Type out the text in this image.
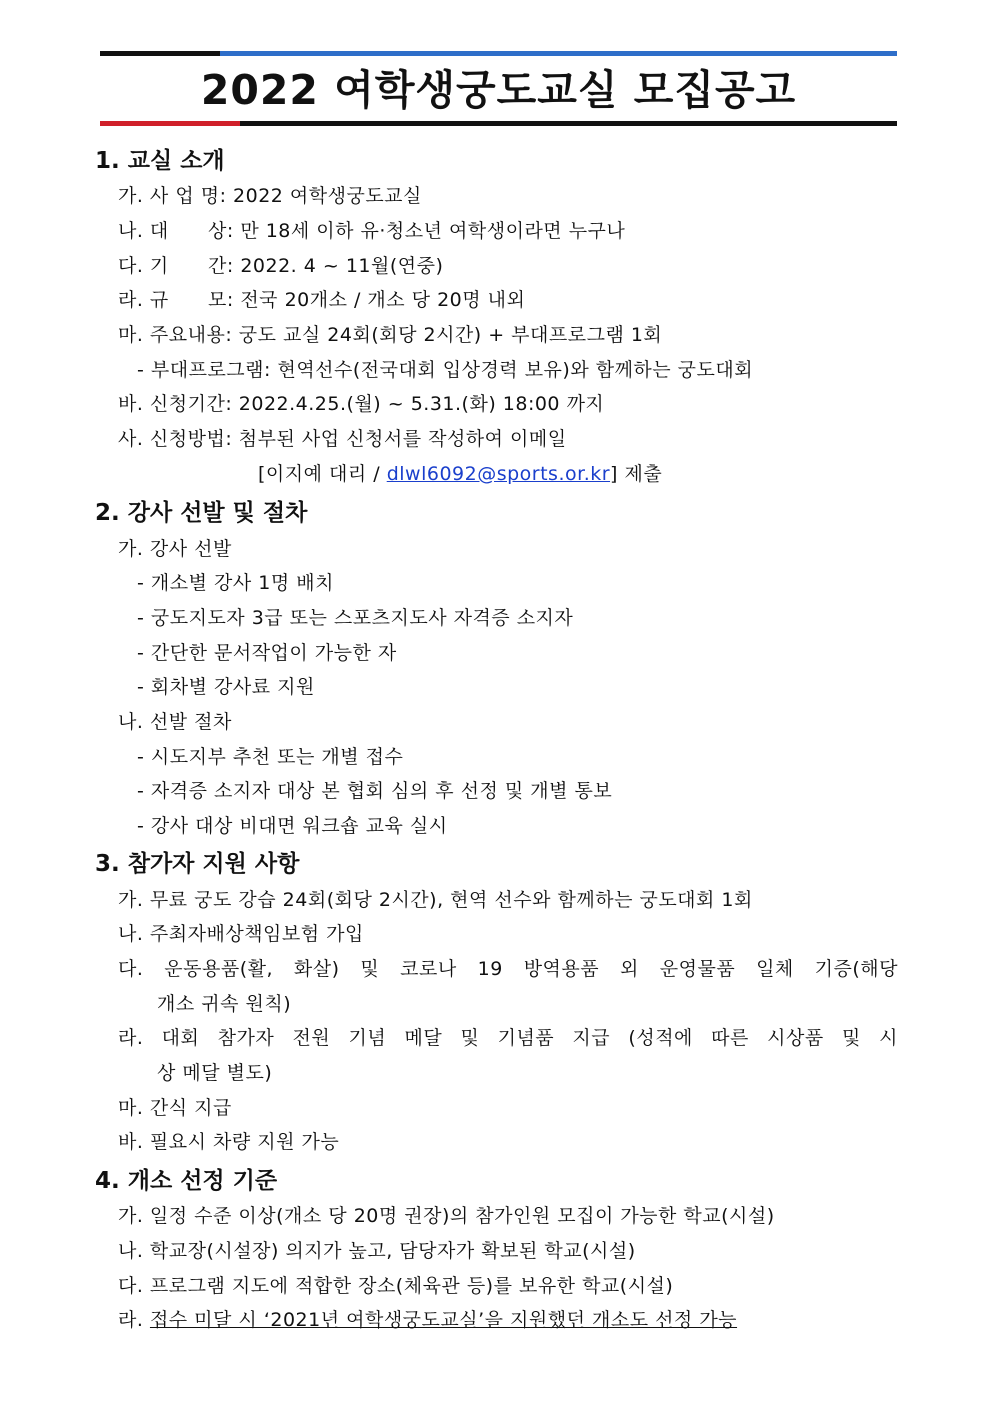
2022 여학생궁도교실 모집공고
1. 교실 소개
가. 사 업 명: 2022 여학생궁도교실
나. 대      상: 만 18세 이하 유·청소년 여학생이라면 누구나
다. 기      간: 2022. 4 ~ 11월(연중)
라. 규      모: 전국 20개소 / 개소 당 20명 내외
마. 주요내용: 궁도 교실 24회(회당 2시간) + 부대프로그램 1회
- 부대프로그램: 현역선수(전국대회 입상경력 보유)와 함께하는 궁도대회
바. 신청기간: 2022.4.25.(월) ~ 5.31.(화) 18:00 까지
사. 신청방법: 첨부된 사업 신청서를 작성하여 이메일
[이지예 대리 / dlwl6092@sports.or.kr] 제출
2. 강사 선발 및 절차
가. 강사 선발
- 개소별 강사 1명 배치
- 궁도지도자 3급 또는 스포츠지도사 자격증 소지자
- 간단한 문서작업이 가능한 자
- 회차별 강사료 지원
나. 선발 절차
- 시도지부 추천 또는 개별 접수
- 자격증 소지자 대상 본 협회 심의 후 선정 및 개별 통보
- 강사 대상 비대면 워크숍 교육 실시
3. 참가자 지원 사항
가. 무료 궁도 강습 24회(회당 2시간), 현역 선수와 함께하는 궁도대회 1회
나. 주최자배상책임보험 가입
다. 운동용품(활, 화살) 및 코로나 19 방역용품 외 운영물품 일체 기증(해당
개소 귀속 원칙)
라. 대회 참가자 전원 기념 메달 및 기념품 지급 (성적에 따른 시상품 및 시
상 메달 별도)
마. 간식 지급
바. 필요시 차량 지원 가능
4. 개소 선정 기준
가. 일정 수준 이상(개소 당 20명 권장)의 참가인원 모집이 가능한 학교(시설)
나. 학교장(시설장) 의지가 높고, 담당자가 확보된 학교(시설)
다. 프로그램 지도에 적합한 장소(체육관 등)를 보유한 학교(시설)
라. 접수 미달 시 ‘2021년 여학생궁도교실’을 지원했던 개소도 선정 가능
